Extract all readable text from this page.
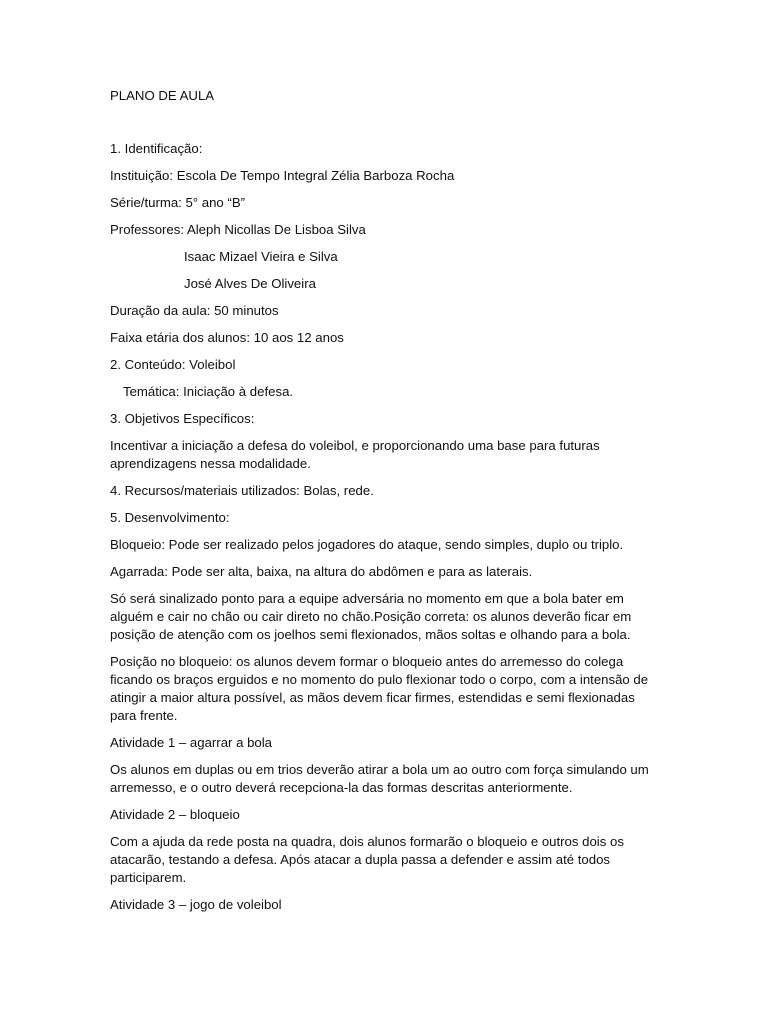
PLANO DE AULA

1. Identificação:

Instituição: Escola De Tempo Integral Zélia Barboza Rocha

Série/turma: 5° ano “B”

Professores: Aleph Nicollas De Lisboa Silva

Isaac Mizael Vieira e Silva

José Alves De Oliveira

Duração da aula: 50 minutos

Faixa etária dos alunos: 10 aos 12 anos

2. Conteúdo: Voleibol

Temática: Iniciação à defesa.

3. Objetivos Específicos:

Incentivar a iniciação a defesa do voleibol, e proporcionando uma base para futuras aprendizagens nessa modalidade.

4. Recursos/materiais utilizados: Bolas, rede.

5. Desenvolvimento:

Bloqueio: Pode ser realizado pelos jogadores do ataque, sendo simples, duplo ou triplo.

Agarrada: Pode ser alta, baixa, na altura do abdômen e para as laterais.

Só será sinalizado ponto para a equipe adversária no momento em que a bola bater em alguém e cair no chão ou cair direto no chão.Posição correta: os alunos deverão ficar em posição de atenção com os joelhos semi flexionados, mãos soltas e olhando para a bola.

Posição no bloqueio: os alunos devem formar o bloqueio antes do arremesso do colega ficando os braços erguidos e no momento do pulo flexionar todo o corpo, com a intensão de atingir a maior altura possível, as mãos devem ficar firmes, estendidas e semi flexionadas para frente.

Atividade 1 – agarrar a bola

Os alunos em duplas ou em trios deverão atirar a bola um ao outro com força simulando um arremesso, e o outro deverá recepciona-la das formas descritas anteriormente.

Atividade 2 – bloqueio

Com a ajuda da rede posta na quadra, dois alunos formarão o bloqueio e outros dois os atacarão, testando a defesa. Após atacar a dupla passa a defender e assim até todos participarem.

Atividade 3 – jogo de voleibol
